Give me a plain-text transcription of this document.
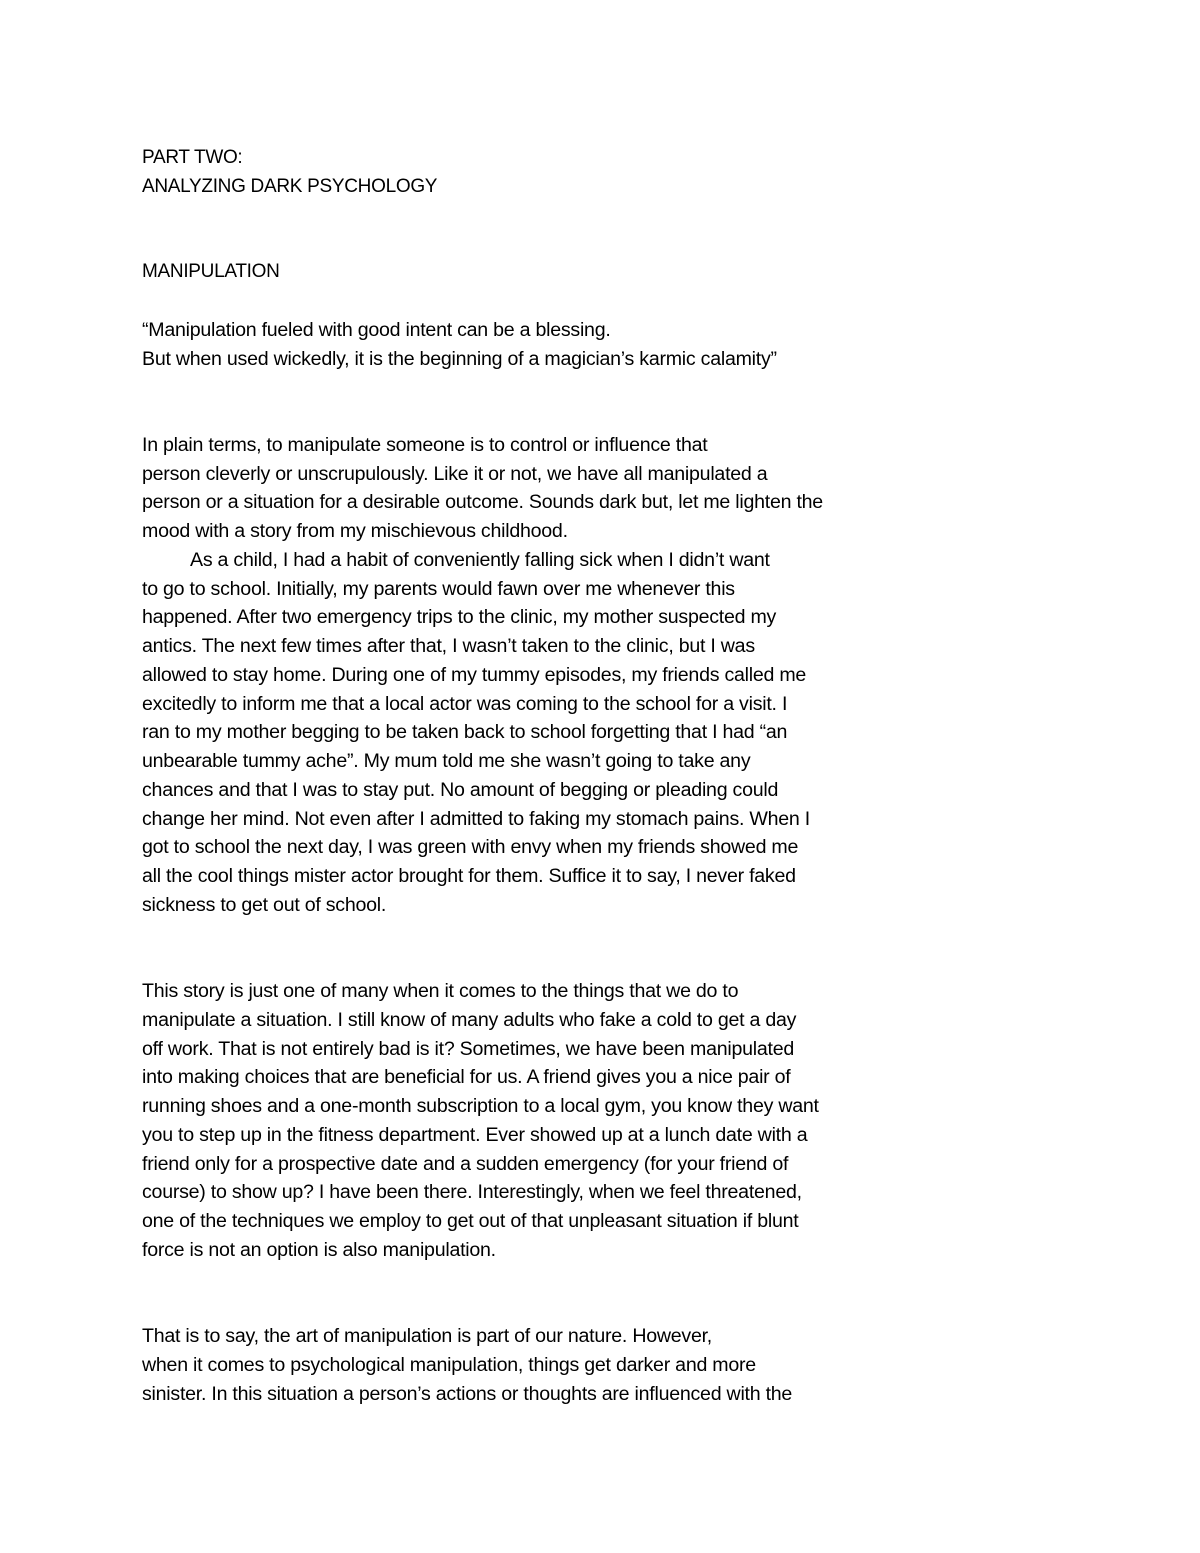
PART TWO:
ANALYZING DARK PSYCHOLOGY
MANIPULATION
“Manipulation fueled with good intent can be a blessing.
But when used wickedly, it is the beginning of a magician’s karmic calamity”
In plain terms, to manipulate someone is to control or influence that
person cleverly or unscrupulously. Like it or not, we have all manipulated a
person or a situation for a desirable outcome. Sounds dark but, let me lighten the
mood with a story from my mischievous childhood.
As a child, I had a habit of conveniently falling sick when I didn’t want
to go to school. Initially, my parents would fawn over me whenever this
happened. After two emergency trips to the clinic, my mother suspected my
antics. The next few times after that, I wasn’t taken to the clinic, but I was
allowed to stay home. During one of my tummy episodes, my friends called me
excitedly to inform me that a local actor was coming to the school for a visit. I
ran to my mother begging to be taken back to school forgetting that I had “an
unbearable tummy ache”. My mum told me she wasn’t going to take any
chances and that I was to stay put. No amount of begging or pleading could
change her mind. Not even after I admitted to faking my stomach pains. When I
got to school the next day, I was green with envy when my friends showed me
all the cool things mister actor brought for them. Suffice it to say, I never faked
sickness to get out of school.
This story is just one of many when it comes to the things that we do to
manipulate a situation. I still know of many adults who fake a cold to get a day
off work. That is not entirely bad is it? Sometimes, we have been manipulated
into making choices that are beneficial for us. A friend gives you a nice pair of
running shoes and a one-month subscription to a local gym, you know they want
you to step up in the fitness department. Ever showed up at a lunch date with a
friend only for a prospective date and a sudden emergency (for your friend of
course) to show up? I have been there. Interestingly, when we feel threatened,
one of the techniques we employ to get out of that unpleasant situation if blunt
force is not an option is also manipulation.
That is to say, the art of manipulation is part of our nature. However,
when it comes to psychological manipulation, things get darker and more
sinister. In this situation a person’s actions or thoughts are influenced with the
